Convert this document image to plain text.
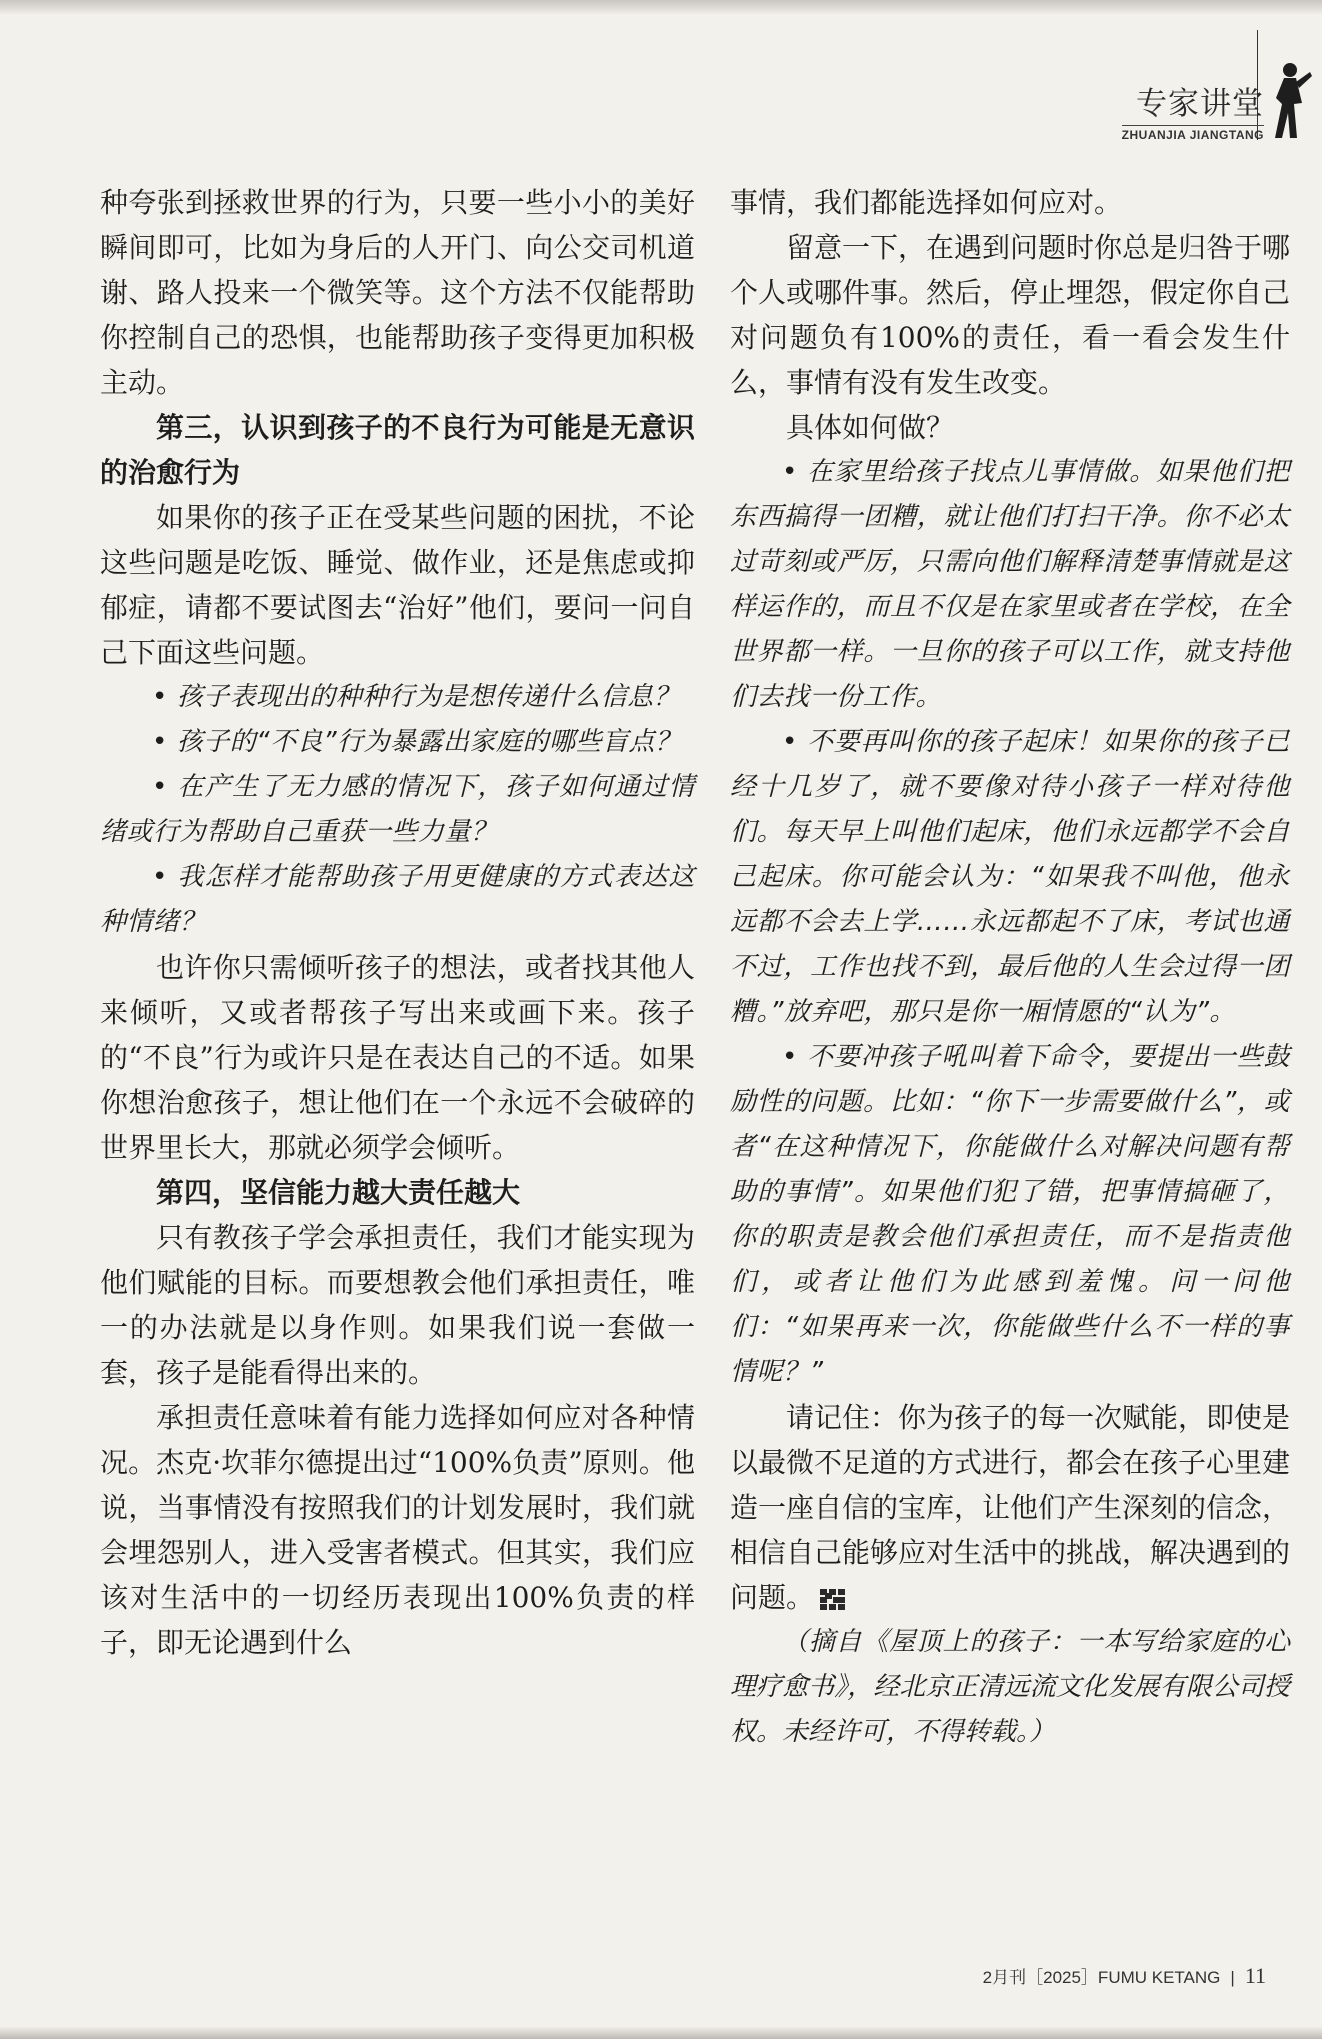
专家讲堂
ZHUANJIA JIANGTANG

种夸张到拯救世界的行为，只要一些小小的美好瞬间即可，比如为身后的人开门、向公交司机道谢、路人投来一个微笑等。这个方法不仅能帮助你控制自己的恐惧，也能帮助孩子变得更加积极主动。

第三，认识到孩子的不良行为可能是无意识的治愈行为

如果你的孩子正在受某些问题的困扰，不论这些问题是吃饭、睡觉、做作业，还是焦虑或抑郁症，请都不要试图去“治好”他们，要问一问自己下面这些问题。

• 孩子表现出的种种行为是想传递什么信息？

• 孩子的“不良”行为暴露出家庭的哪些盲点？

• 在产生了无力感的情况下，孩子如何通过情绪或行为帮助自己重获一些力量？

• 我怎样才能帮助孩子用更健康的方式表达这种情绪？

也许你只需倾听孩子的想法，或者找其他人来倾听，又或者帮孩子写出来或画下来。孩子的“不良”行为或许只是在表达自己的不适。如果你想治愈孩子，想让他们在一个永远不会破碎的世界里长大，那就必须学会倾听。

第四，坚信能力越大责任越大

只有教孩子学会承担责任，我们才能实现为他们赋能的目标。而要想教会他们承担责任，唯一的办法就是以身作则。如果我们说一套做一套，孩子是能看得出来的。

承担责任意味着有能力选择如何应对各种情况。杰克·坎菲尔德提出过“100%负责”原则。他说，当事情没有按照我们的计划发展时，我们就会埋怨别人，进入受害者模式。但其实，我们应该对生活中的一切经历表现出100%负责的样子，即无论遇到什么

事情，我们都能选择如何应对。

留意一下，在遇到问题时你总是归咎于哪个人或哪件事。然后，停止埋怨，假定你自己对问题负有100%的责任，看一看会发生什么，事情有没有发生改变。

具体如何做？

• 在家里给孩子找点儿事情做。如果他们把东西搞得一团糟，就让他们打扫干净。你不必太过苛刻或严厉，只需向他们解释清楚事情就是这样运作的，而且不仅是在家里或者在学校，在全世界都一样。一旦你的孩子可以工作，就支持他们去找一份工作。

• 不要再叫你的孩子起床！如果你的孩子已经十几岁了，就不要像对待小孩子一样对待他们。每天早上叫他们起床，他们永远都学不会自己起床。你可能会认为：“如果我不叫他，他永远都不会去上学……永远都起不了床，考试也通不过，工作也找不到，最后他的人生会过得一团糟。”放弃吧，那只是你一厢情愿的“认为”。

• 不要冲孩子吼叫着下命令，要提出一些鼓励性的问题。比如：“你下一步需要做什么”，或者“在这种情况下，你能做什么对解决问题有帮助的事情”。如果他们犯了错，把事情搞砸了，你的职责是教会他们承担责任，而不是指责他们，或者让他们为此感到羞愧。问一问他们：“如果再来一次，你能做些什么不一样的事情呢？”

请记住：你为孩子的每一次赋能，即使是以最微不足道的方式进行，都会在孩子心里建造一座自信的宝库，让他们产生深刻的信念，相信自己能够应对生活中的挑战，解决遇到的问题。

（摘自《屋顶上的孩子：一本写给家庭的心理疗愈书》，经北京正清远流文化发展有限公司授权。未经许可，不得转载。）

2月刊［2025］FUMU KETANG | 11
